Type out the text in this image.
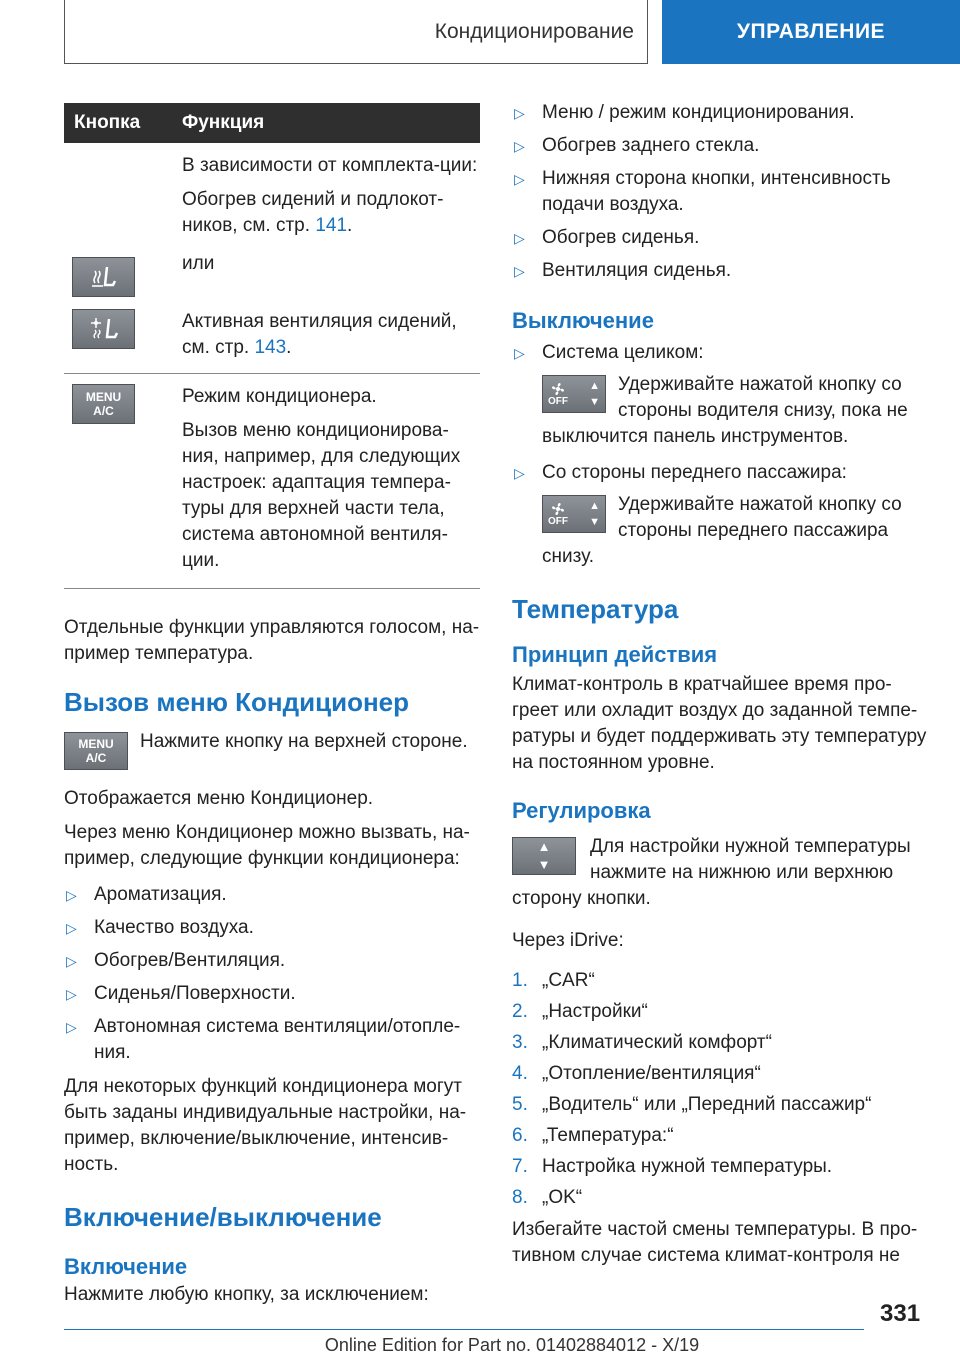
Кондиционирование	УПРАВЛЕНИЕ
Кнопка	Функция

В зависимости от комплекта-ции:

Обогрев сидений и подлокот-ников, см. стр. 141.

или

Активная вентиляция сидений, см. стр. 143.

MENU
A/C

Режим кондиционера.

Вызов меню кондиционирова-ния, например, для следующих настроек: адаптация темпера-туры для верхней части тела, система автономной вентиля-ции.

Отдельные функции управляются голосом, на-пример температура.

Вызов меню Кондиционер
MENU
A/C

Нажмите кнопку на верхней стороне.

Отображается меню Кондиционер.

Через меню Кондиционер можно вызвать, на-пример, следующие функции кондиционера:

▷ Ароматизация.
▷ Качество воздуха.
▷ Обогрев/Вентиляция.
▷ Сиденья/Поверхности.
▷ Автономная система вентиляции/отопле-ния.

Для некоторых функций кондиционера могут быть заданы индивидуальные настройки, на-пример, включение/выключение, интенсив-ность.

Включение/выключение
Включение

Нажмите любую кнопку, за исключением:

▷ Меню / режим кондиционирования.
▷ Обогрев заднего стекла.
▷ Нижняя сторона кнопки, интенсивность подачи воздуха.
▷ Обогрев сиденья.
▷ Вентиляция сиденья.
Выключение
▷ Система целиком:
OFF
▲
▼

Удерживайте нажатой кнопку со стороны водителя снизу, пока не выключится панель инструментов.

▷ Со стороны переднего пассажира:
OFF
▲
▼

Удерживайте нажатой кнопку со стороны переднего пассажира снизу.

Температура
Принцип действия

Климат-контроль в кратчайшее время про-греет или охладит воздух до заданной темпе-ратуры и будет поддерживать эту температуру на постоянном уровне.

Регулировка
▲
▼

Для настройки нужной температуры нажмите на нижнюю или верхнюю сторону кнопки.

Через iDrive:

1. „CAR“
2. „Настройки“
3. „Климатический комфорт“
4. „Отопление/вентиляция“
5. „Водитель“ или „Передний пассажир“
6. „Температура:“
7. Настройка нужной температуры.
8. „OK“

Избегайте частой смены температуры. В про-тивном случае система климат-контроля не

331
Online Edition for Part no. 01402884012 - X/19
